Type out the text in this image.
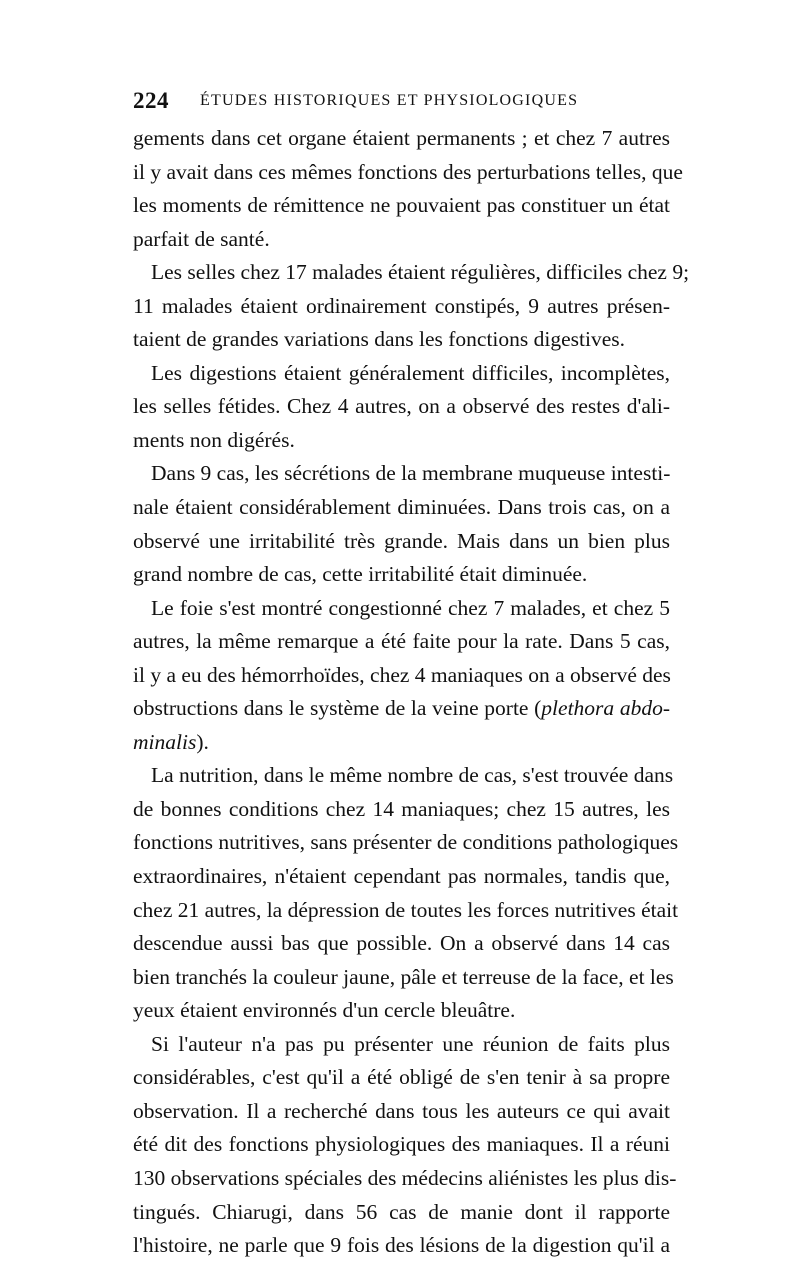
224 ÉTUDES HISTORIQUES ET PHYSIOLOGIQUES
gements dans cet organe étaient permanents ; et chez 7 autres
il y avait dans ces mêmes fonctions des perturbations telles, que
les moments de rémittence ne pouvaient pas constituer un état
parfait de santé.
Les selles chez 17 malades étaient régulières, difficiles chez 9;
11 malades étaient ordinairement constipés, 9 autres présen-
taient de grandes variations dans les fonctions digestives.
Les digestions étaient généralement difficiles, incomplètes,
les selles fétides. Chez 4 autres, on a observé des restes d'ali-
ments non digérés.
Dans 9 cas, les sécrétions de la membrane muqueuse intesti-
nale étaient considérablement diminuées. Dans trois cas, on a
observé une irritabilité très grande. Mais dans un bien plus
grand nombre de cas, cette irritabilité était diminuée.
Le foie s'est montré congestionné chez 7 malades, et chez 5
autres, la même remarque a été faite pour la rate. Dans 5 cas,
il y a eu des hémorrhoïdes, chez 4 maniaques on a observé des
obstructions dans le système de la veine porte (plethora abdo-
minalis).
La nutrition, dans le même nombre de cas, s'est trouvée dans
de bonnes conditions chez 14 maniaques; chez 15 autres, les
fonctions nutritives, sans présenter de conditions pathologiques
extraordinaires, n'étaient cependant pas normales, tandis que,
chez 21 autres, la dépression de toutes les forces nutritives était
descendue aussi bas que possible. On a observé dans 14 cas
bien tranchés la couleur jaune, pâle et terreuse de la face, et les
yeux étaient environnés d'un cercle bleuâtre.
Si l'auteur n'a pas pu présenter une réunion de faits plus
considérables, c'est qu'il a été obligé de s'en tenir à sa propre
observation. Il a recherché dans tous les auteurs ce qui avait
été dit des fonctions physiologiques des maniaques. Il a réuni
130 observations spéciales des médecins aliénistes les plus dis-
tingués. Chiarugi, dans 56 cas de manie dont il rapporte
l'histoire, ne parle que 9 fois des lésions de la digestion qu'il a
